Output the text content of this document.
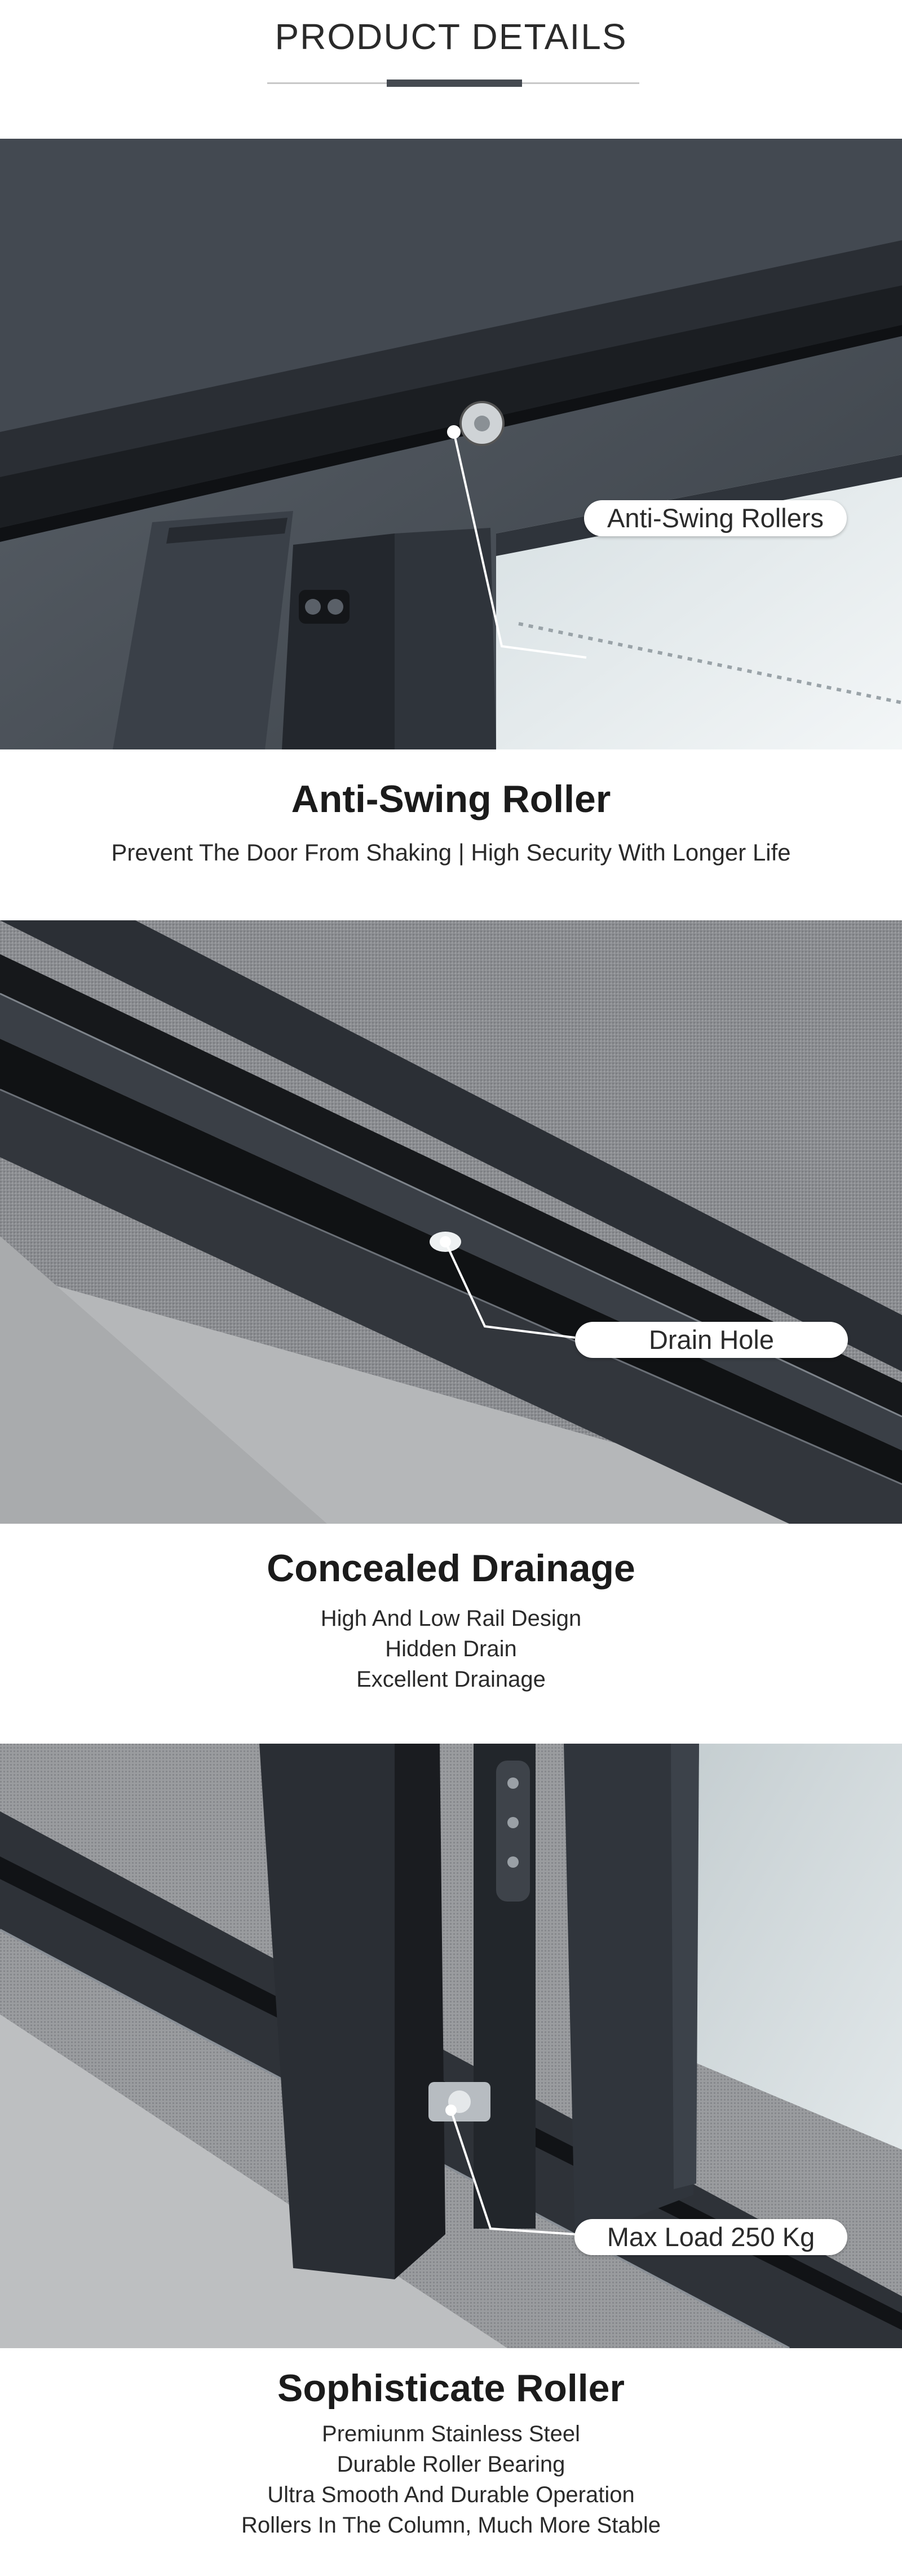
PRODUCT DETAILS
Anti-Swing Rollers
Anti-Swing Roller
Prevent The Door From Shaking | High Security With Longer Life
Drain Hole
Concealed Drainage
High And Low Rail Design
Hidden Drain
Excellent Drainage
Max Load 250 Kg
Sophisticate Roller
Premiunm Stainless Steel
Durable Roller Bearing
Ultra Smooth And Durable Operation
Rollers In The Column, Much More Stable
